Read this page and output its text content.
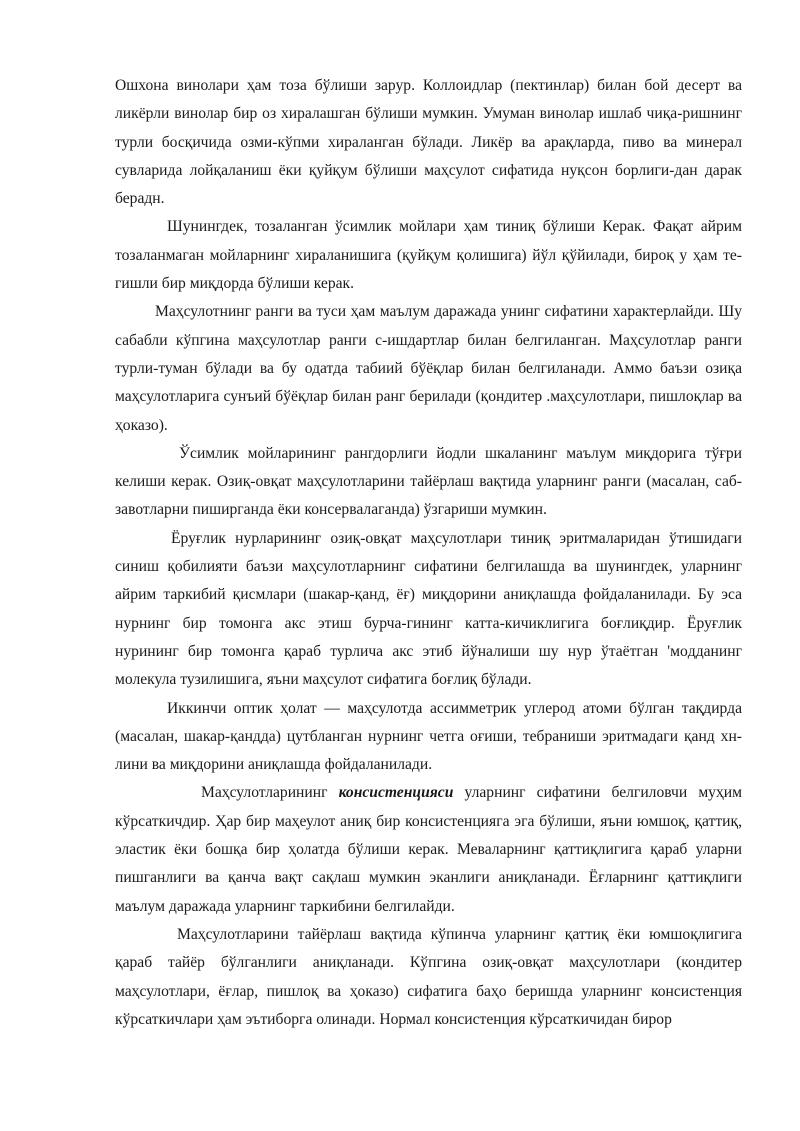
Ошхона винолари ҳам тоза бўлиши зарур. Коллоидлар (пектинлар) билан бой десерт ва ликёрли винолар бир оз хиралашган бўлиши мумкин. Умуман винолар ишлаб чиқа-ришнинг турли босқичида озми-кўпми хираланган бўлади. Ликёр ва арақларда, пиво ва минерал сувларида лойқаланиш ёки қуйқум бўлиши маҳсулот сифатида нуқсон борлиги-дан дарак берадн.

Шунингдек, тозаланган ўсимлик мойлари ҳам тиниқ бўлиши Керак. Фақат айрим тозаланмаган мойларнинг хираланишига (қуйқум қолишига) йўл қўйилади, бироқ у ҳам те-гишли бир миқдорда бўлиши керак.

Маҳсулотнинг ранги ва туси ҳам маълум даражада унинг сифатини характерлайди. Шу сабабли кўпгина маҳсулотлар ранги с-ишдартлар билан белгиланган. Маҳсулотлар ранги турли-туман бўлади ва бу одатда табиий бўёқлар билан белгиланади. Аммо баъзи озиқа маҳсулотларига сунъий бўёқлар билан ранг берилади (қондитер .маҳсулотлари, пишлоқлар ва ҳоказо).

Ўсимлик мойларининг рангдорлиги йодли шкаланинг маълум миқдорига тўғри келиши керак. Озиқ-овқат маҳсулотларини тайёрлаш вақтида уларнинг ранги (масалан, саб-завотларни пиширганда ёки консервалаганда) ўзгариши мумкин.

Ёруғлик нурларининг озиқ-овқат маҳсулотлари тиниқ эритмаларидан ўтишидаги синиш қобилияти баъзи маҳсулотларнинг сифатини белгилашда ва шунингдек, уларнинг айрим таркибий қисмлари (шакар-қанд, ёғ) миқдорини аниқлашда фойдаланилади. Бу эса нурнинг бир томонга акс этиш бурча-гининг катта-кичиклигига боғлиқдир. Ёруғлик нурининг бир томонга қараб турлича акс этиб йўналиши шу нур ўтаётган 'мoдданинг молекула тузилишига, яъни маҳсулот сифатига боғлиқ бўлади.

Иккинчи оптик ҳолат — маҳсулотда ассимметрик углерод атоми бўлган тақдирда (масалан, шакар-қандда) цутбланган нурнинг четга оғиши, тебраниши эритмадаги қанд хн-лини ва миқдорини аниқлашда фойдаланилади.

Маҳсулотларининг консистенцияси уларнинг сифатини белгиловчи муҳим кўрсаткичдир. Ҳар бир маҳеулот аниқ бир консистенцияга эга бўлиши, яъни юмшоқ, қаттиқ, эластик ёки бошқа бир ҳолатда бўлиши керак. Меваларнинг қаттиқлигига қараб уларни пишганлиги ва қанча вақт сақлаш мумкин эканлиги аниқланади. Ёғларнинг қаттиқлиги маълум даражада уларнинг таркибини белгилайди.

Маҳсулотларини тайёрлаш вақтида кўпинча уларнинг қаттиқ ёки юмшоқлигига қараб тайёр бўлганлиги аниқланади. Кўпгина озиқ-овқат маҳсулотлари (кондитер маҳсулотлари, ёғлар, пишлоқ ва ҳоказо) сифатига баҳо беришда уларнинг консистенция кўрсаткичлари ҳам эътиборга олинади. Нормал консистенция кўрсаткичидан бирор
